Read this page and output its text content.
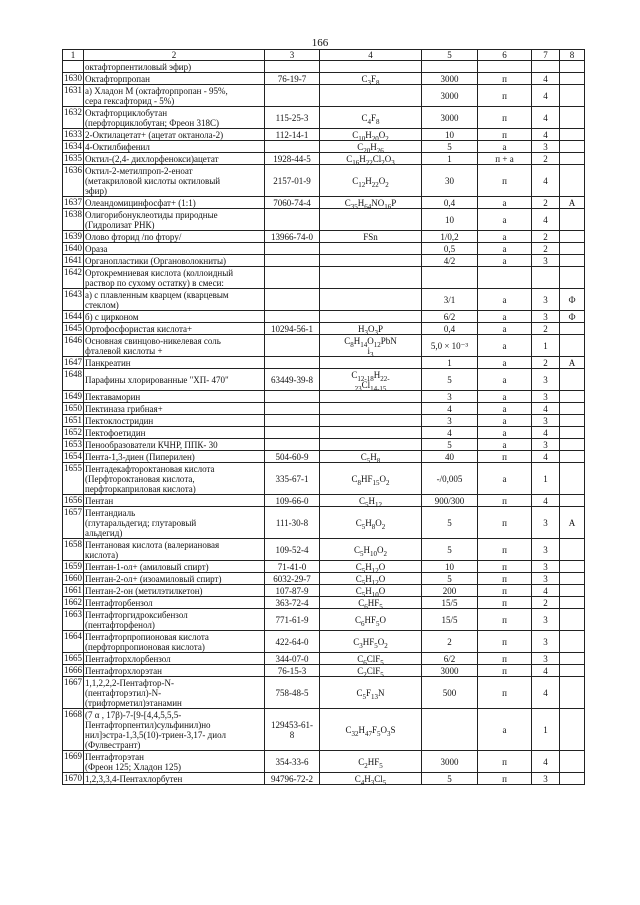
166
1	2	3	4	5	6	7	8
	октафторпентиловый эфир)						
1630	Октафторпропан	76-19-7	$C_3F_8$	3000	п	4	
1631	а) Хладон М (октафторпропан - 95%,
сера гексафторид - 5%)			3000	п	4	
1632	Октафторциклобутан
(перфторциклобутан; Фреон 318С)	115-25-3	$C_4F_8$	3000	п	4	
1633	2-Октилацетат+ (ацетат октанола-2)	112-14-1	$C_{10}H_{20}O_2$	10	п	4	
1634	4-Октилбифенил		$C_{20}H_{26}$	5	а	3	
1635	Октил-(2,4- дихлорфенокси)ацетат	1928-44-5	$C_{16}H_{22}Cl_2O_3$	1	п + а	2	
1636	Октил-2-метилпроп-2-еноат
(метакриловой кислоты октиловый
эфир)	2157-01-9	$C_{12}H_{22}O_2$	30	п	4	
1637	Олеандомицинфосфат+ (1:1)	7060-74-4	$C_{35}H_{64}NO_{16}P$	0,4	а	2	А
1638	Олигорибонуклеотиды природные
(Гидролизат РНК)			10	а	4	
1639	Олово фторид /по фтору/	13966-74-0	FSn	1/0,2	а	2	
1640	Ораза			0,5	а	2	
1641	Органопластики (Органоволокниты)			4/2	а	3	
1642	Ортокремниевая кислота (коллоидный
раствор по сухому остатку) в смеси:						
1643	а) с плавленным кварцем (кварцевым
стеклом)			3/1	а	3	Ф
1644	б) с цирконом			6/2	а	3	Ф
1645	Ортофосфористая кислота+	10294-56-1	$H_3O_3P$	0,4	а	2	
1646	Основная свинцово-никелевая соль
фталевой кислоты +		$C_8H_{14}O_{12}PbN$
$i_3$	5,0 × 10⁻³	а	1	
1647	Панкреатин			1	а	2	А
1648	Парафины хлорированные "ХП- 470"	63449-39-8	$C_{12-18}H_{22-}$
$_{23}Cl_{14-15}$	5	а	3	
1649	Пектаваморин			3	а	3	
1650	Пектиназа грибная+			4	а	4	
1651	Пектоклостридин			3	а	3	
1652	Пектофоетидин			4	а	4	
1653	Пенообразователи КЧНР, ППК- 30			5	а	3	
1654	Пента-1,3-диен (Пиперилен)	504-60-9	$C_5H_8$	40	п	4	
1655	Пентадекафтороктановая кислота
(Перфтороктановая кислота,
перфторкаприловая кислота)	335-67-1	$C_8HF_{15}O_2$	-/0,005	а	1	
1656	Пентан	109-66-0	$C_5H_{12}$	900/300	п	4	
1657	Пентандиаль
(глутаральдегид; глутаровый
альдегид)	111-30-8	$C_5H_8O_2$	5	п	3	А
1658	Пентановая кислота (валериановая
кислота)	109-52-4	$C_5H_{10}O_2$	5	п	3	
1659	Пентан-1-ол+ (амиловый спирт)	71-41-0	$C_5H_{12}O$	10	п	3	
1660	Пентан-2-ол+ (изоамиловый спирт)	6032-29-7	$C_5H_{12}O$	5	п	3	
1661	Пентан-2-он (метилэтилкетон)	107-87-9	$C_5H_{10}O$	200	п	4	
1662	Пентафторбензол	363-72-4	$C_6HF_5$	15/5	п	2	
1663	Пентафторгидроксибензол
(пентафторфенол)	771-61-9	$C_6HF_5O$	15/5	п	3	
1664	Пентафторпропионовая кислота
(перфторпропионовая кислота)	422-64-0	$C_3HF_5O_2$	2	п	3	
1665	Пентафторхлорбензол	344-07-0	$C_6ClF_5$	6/2	п	3	
1666	Пентафторхлорэтан	76-15-3	$C_2ClF_5$	3000	п	4	
1667	1,1,2,2,2-Пентафтор-N-
(пентафторэтил)-N-
(трифторметил)этанамин	758-48-5	$C_5F_{13}N$	500	п	4	
1668	(7 α , 17β)-7-[9-[4,4,5,5,5-
Пентафторпентил)сульфинил)но
нил]эстра-1,3,5(10)-триен-3,17- диол
(Фулвестрант)	129453-61-
8	$C_{32}H_{47}F_5O_3S$		а	1	
1669	Пентафторэтан
(Фреон 125; Хладон 125)	354-33-6	$C_2HF_5$	3000	п	4	
1670	1,2,3,3,4-Пентахлорбутен	94796-72-2	$C_4H_3Cl_5$	5	п	3	
